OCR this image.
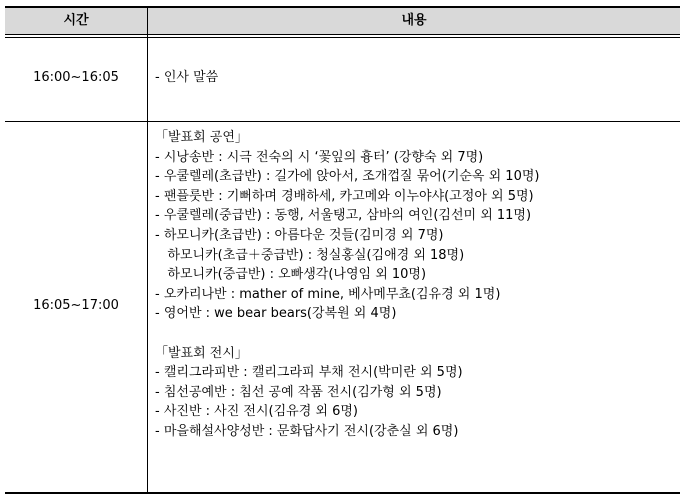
시간	내용
16:00~16:05	- 인사 말씀
16:05~17:00
「발표회 공연」
- 시낭송반 : 시극 전숙의 시 ‘꽃잎의 흉터’ (강향숙 외 7명)
- 우쿨렐레(초급반) : 길가에 앉아서, 조개껍질 묶어(기순옥 외 10명)
- 팬플룻반 : 기뻐하며 경배하세, 카고메와 이누야샤(고정아 외 5명)
- 우쿨렐레(중급반) : 동행, 서울탱고, 삼바의 여인(김선미 외 11명)
- 하모니카(초급반) : 아름다운 것들(김미경 외 7명)
하모니카(초급＋중급반) : 청실홍실(김애경 외 18명)
하모니카(중급반) : 오빠생각(나영임 외 10명)
- 오카리나반 : mather of mine, 베사메무쵸(김유경 외 1명)
- 영어반 : we bear bears(강복원 외 4명)
「발표회 전시」
- 캘리그라피반 : 캘리그라피 부채 전시(박미란 외 5명)
- 침선공예반 : 침선 공예 작품 전시(김가형 외 5명)
- 사진반 : 사진 전시(김유경 외 6명)
- 마을해설사양성반 : 문화답사기 전시(강춘실 외 6명)
